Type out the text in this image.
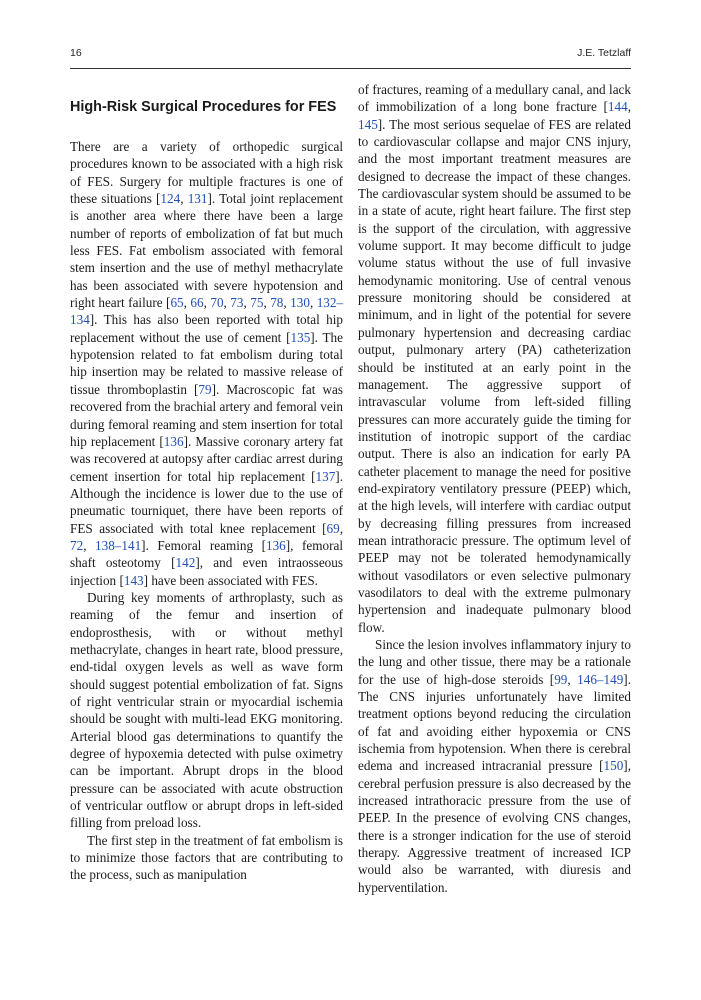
16	J.E. Tetzlaff
High-Risk Surgical Procedures for FES

There are a variety of orthopedic surgical procedures known to be associated with a high risk of FES. Surgery for multiple fractures is one of these situations [124, 131]. Total joint replacement is another area where there have been a large number of reports of embolization of fat but much less FES. Fat embolism associated with femoral stem insertion and the use of methyl methacrylate has been associated with severe hypotension and right heart failure [65, 66, 70, 73, 75, 78, 130, 132–134]. This has also been reported with total hip replacement without the use of cement [135]. The hypotension related to fat embolism during total hip insertion may be related to massive release of tissue thromboplastin [79]. Macroscopic fat was recovered from the brachial artery and femoral vein during femoral reaming and stem insertion for total hip replacement [136]. Massive coronary artery fat was recovered at autopsy after cardiac arrest during cement insertion for total hip replacement [137]. Although the incidence is lower due to the use of pneumatic tourniquet, there have been reports of FES associated with total knee replacement [69, 72, 138–141]. Femoral reaming [136], femoral shaft osteotomy [142], and even intraosseous injection [143] have been associated with FES.

During key moments of arthroplasty, such as reaming of the femur and insertion of endoprosthesis, with or without methyl methacrylate, changes in heart rate, blood pressure, end-tidal oxygen levels as well as wave form should suggest potential embolization of fat. Signs of right ventricular strain or myocardial ischemia should be sought with multi-lead EKG monitoring. Arterial blood gas determinations to quantify the degree of hypoxemia detected with pulse oximetry can be important. Abrupt drops in the blood pressure can be associated with acute obstruction of ventricular outflow or abrupt drops in left-sided filling from preload loss.

The first step in the treatment of fat embolism is to minimize those factors that are contributing to the process, such as manipulation

of fractures, reaming of a medullary canal, and lack of immobilization of a long bone fracture [144, 145]. The most serious sequelae of FES are related to cardiovascular collapse and major CNS injury, and the most important treatment measures are designed to decrease the impact of these changes. The cardiovascular system should be assumed to be in a state of acute, right heart failure. The first step is the support of the circulation, with aggressive volume support. It may become difficult to judge volume status without the use of full invasive hemodynamic monitoring. Use of central venous pressure monitoring should be considered at minimum, and in light of the potential for severe pulmonary hypertension and decreasing cardiac output, pulmonary artery (PA) catheterization should be instituted at an early point in the management. The aggressive support of intravascular volume from left-sided filling pressures can more accurately guide the timing for institution of inotropic support of the cardiac output. There is also an indication for early PA catheter placement to manage the need for positive end-expiratory ventilatory pressure (PEEP) which, at the high levels, will interfere with cardiac output by decreasing filling pressures from increased mean intrathoracic pressure. The optimum level of PEEP may not be tolerated hemodynamically without vasodilators or even selective pulmonary vasodilators to deal with the extreme pulmonary hypertension and inadequate pulmonary blood flow.

Since the lesion involves inflammatory injury to the lung and other tissue, there may be a rationale for the use of high-dose steroids [99, 146–149]. The CNS injuries unfortunately have limited treatment options beyond reducing the circulation of fat and avoiding either hypoxemia or CNS ischemia from hypotension. When there is cerebral edema and increased intracranial pressure [150], cerebral perfusion pressure is also decreased by the increased intrathoracic pressure from the use of PEEP. In the presence of evolving CNS changes, there is a stronger indication for the use of steroid therapy. Aggressive treatment of increased ICP would also be warranted, with diuresis and hyperventilation.
